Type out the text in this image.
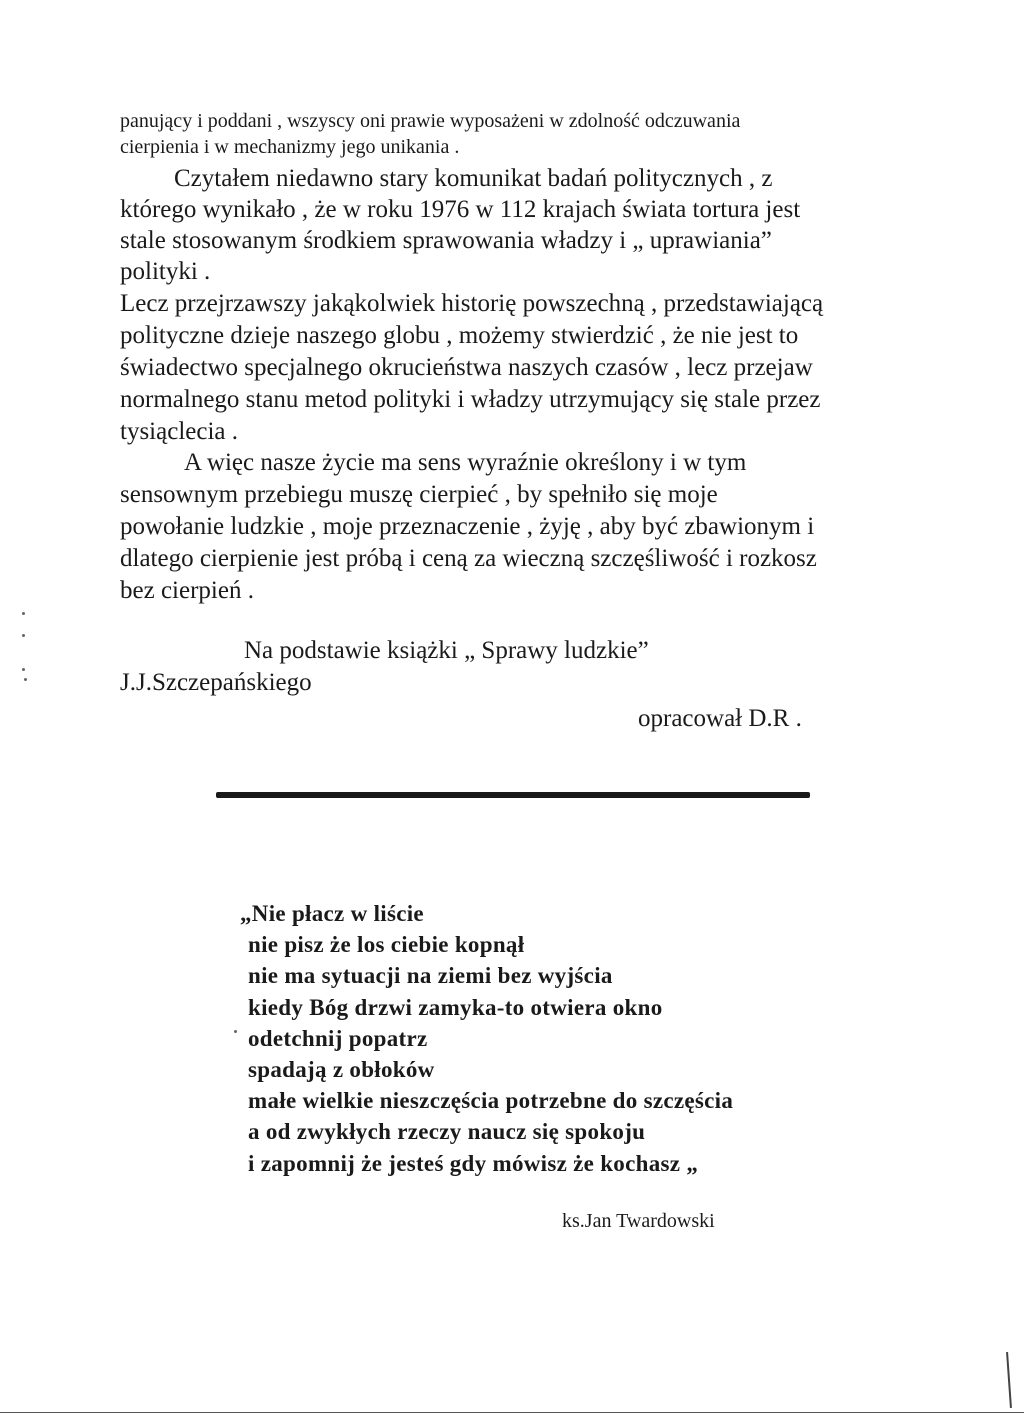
panujący i poddani , wszyscy oni prawie wyposażeni w zdolność odczuwania
cierpienia i w mechanizmy jego unikania .
Czytałem niedawno stary komunikat badań politycznych , z
którego wynikało , że w roku 1976 w 112 krajach świata tortura jest
stale stosowanym środkiem sprawowania władzy i „ uprawiania”
polityki .
Lecz przejrzawszy jakąkolwiek historię powszechną , przedstawiającą
polityczne dzieje naszego globu , możemy stwierdzić , że nie jest to
świadectwo specjalnego okrucieństwa naszych czasów , lecz przejaw
normalnego stanu metod polityki i władzy utrzymujący się stale przez
tysiąclecia .
A więc nasze życie ma sens wyraźnie określony i w tym
sensownym przebiegu muszę cierpieć , by spełniło się moje
powołanie ludzkie , moje przeznaczenie , żyję , aby być zbawionym i
dlatego cierpienie jest próbą i ceną za wieczną szczęśliwość i rozkosz
bez cierpień .
Na podstawie książki „ Sprawy ludzkie”
J.J.Szczepańskiego
opracował D.R .
„Nie płacz w liście
nie pisz że los ciebie kopnął
nie ma sytuacji na ziemi bez wyjścia
kiedy Bóg drzwi zamyka-to otwiera okno
odetchnij popatrz
spadają z obłoków
małe wielkie nieszczęścia potrzebne do szczęścia
a od zwykłych rzeczy naucz się spokoju
i zapomnij że jesteś gdy mówisz że kochasz „
ks.Jan Twardowski
